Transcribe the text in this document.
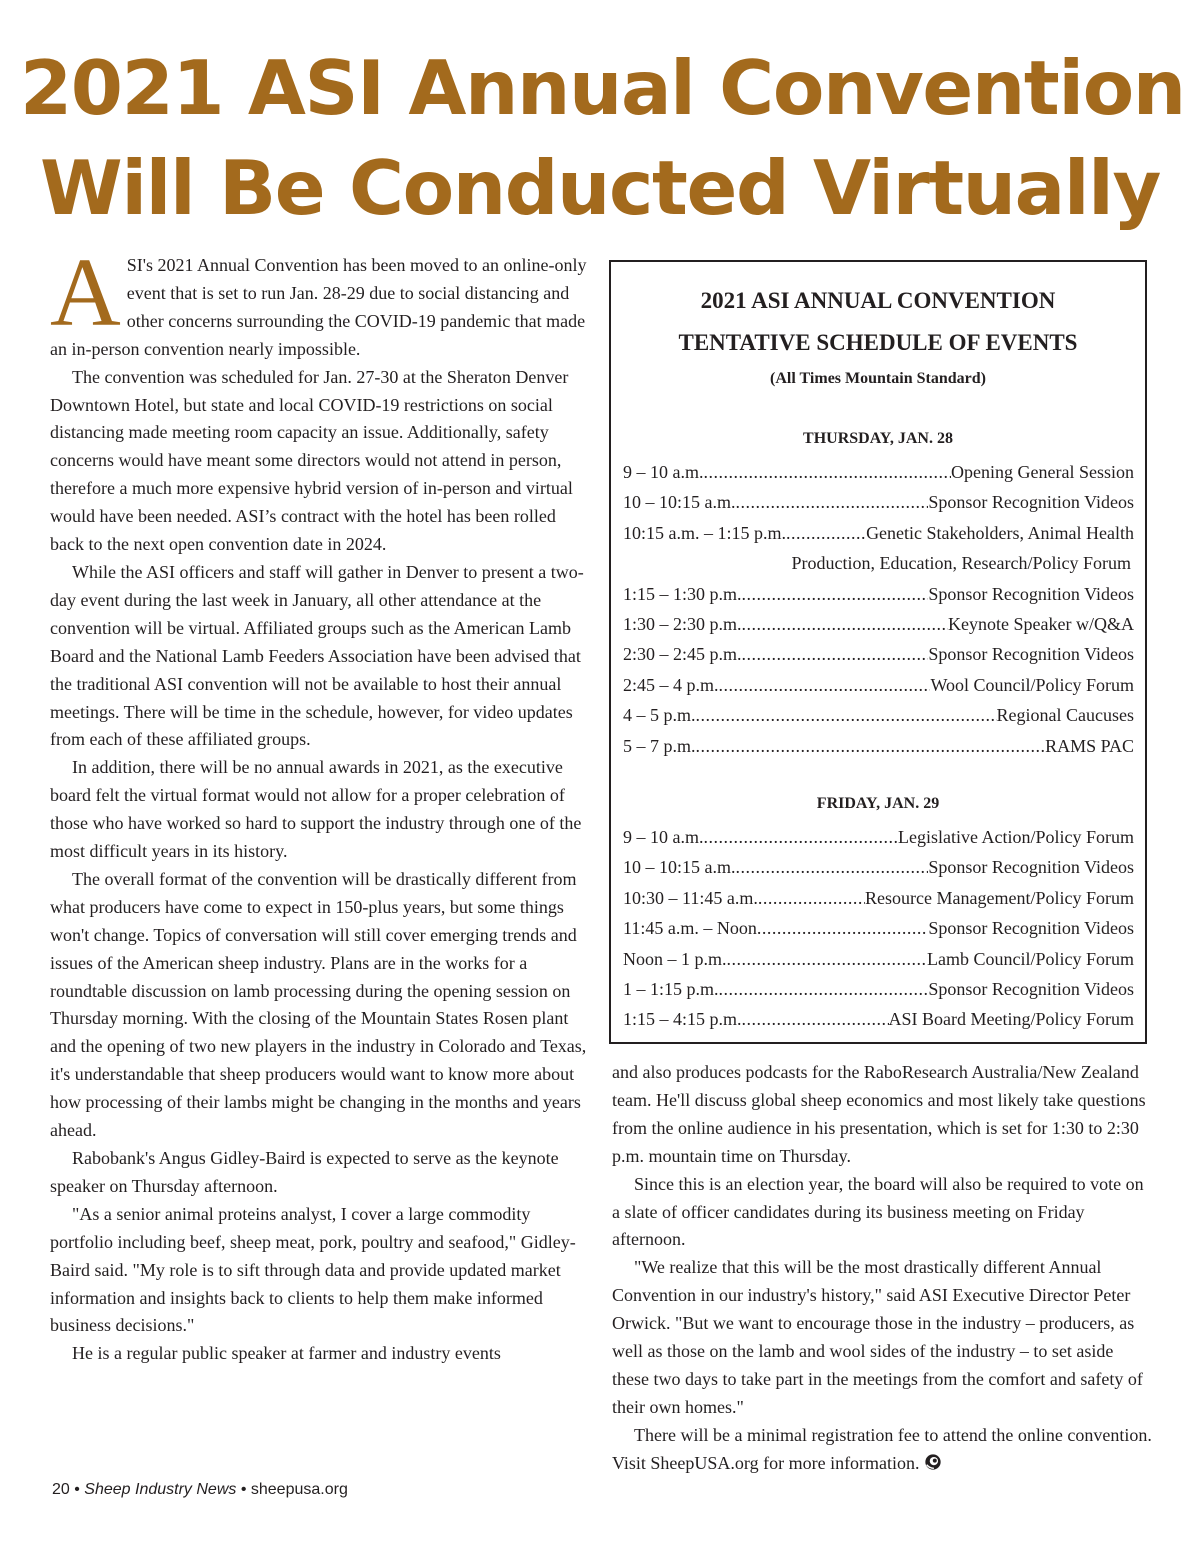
2021 ASI Annual Convention
Will Be Conducted Virtually

ASI's 2021 Annual Convention has been moved to an online-only event that is set to run Jan. 28-29 due to social distancing and other concerns surrounding the COVID-19 pandemic that made an in-person convention nearly impossible.

The convention was scheduled for Jan. 27-30 at the Sheraton Denver Downtown Hotel, but state and local COVID-19 restrictions on social distancing made meeting room capacity an issue. Additionally, safety concerns would have meant some directors would not attend in person, therefore a much more expensive hybrid version of in-person and virtual would have been needed. ASI’s contract with the hotel has been rolled back to the next open convention date in 2024.

While the ASI officers and staff will gather in Denver to present a two-day event during the last week in January, all other attendance at the convention will be virtual. Affiliated groups such as the American Lamb Board and the National Lamb Feeders Association have been advised that the traditional ASI convention will not be available to host their annual meetings. There will be time in the schedule, however, for video updates from each of these affiliated groups.

In addition, there will be no annual awards in 2021, as the executive board felt the virtual format would not allow for a proper celebration of those who have worked so hard to support the industry through one of the most difficult years in its history.

The overall format of the convention will be drastically different from what producers have come to expect in 150-plus years, but some things won't change. Topics of conversation will still cover emerging trends and issues of the American sheep industry. Plans are in the works for a roundtable discussion on lamb processing during the opening session on Thursday morning. With the closing of the Mountain States Rosen plant and the opening of two new players in the industry in Colorado and Texas, it's understandable that sheep producers would want to know more about how processing of their lambs might be changing in the months and years ahead.

Rabobank's Angus Gidley-Baird is expected to serve as the keynote speaker on Thursday afternoon.

"As a senior animal proteins analyst, I cover a large commodity portfolio including beef, sheep meat, pork, poultry and seafood," Gidley-Baird said. "My role is to sift through data and provide updated market information and insights back to clients to help them make informed business decisions."

He is a regular public speaker at farmer and industry events

2021 ASI ANNUAL CONVENTION
TENTATIVE SCHEDULE OF EVENTS
(All Times Mountain Standard)
THURSDAY, JAN. 28
9 – 10 a.m. .....	Opening General Session
10 – 10:15 a.m. .....	Sponsor Recognition Videos
10:15 a.m. – 1:15 p.m. .....	Genetic Stakeholders, Animal Health
Production, Education, Research/Policy Forum
1:15 – 1:30 p.m. .....	Sponsor Recognition Videos
1:30 – 2:30 p.m. .....	Keynote Speaker w/Q&A
2:30 – 2:45 p.m. .....	Sponsor Recognition Videos
2:45 – 4 p.m. .....	Wool Council/Policy Forum
4 – 5 p.m. .....	Regional Caucuses
5 – 7 p.m. .....	RAMS PAC
FRIDAY, JAN. 29
9 – 10 a.m. .....	Legislative Action/Policy Forum
10 – 10:15 a.m. .....	Sponsor Recognition Videos
10:30 – 11:45 a.m. .....	Resource Management/Policy Forum
11:45 a.m. – Noon .....	Sponsor Recognition Videos
Noon – 1 p.m. .....	Lamb Council/Policy Forum
1 – 1:15 p.m. .....	Sponsor Recognition Videos
1:15 – 4:15 p.m. .....	ASI Board Meeting/Policy Forum

and also produces podcasts for the RaboResearch Australia/New Zealand team. He'll discuss global sheep economics and most likely take questions from the online audience in his presentation, which is set for 1:30 to 2:30 p.m. mountain time on Thursday.

Since this is an election year, the board will also be required to vote on a slate of officer candidates during its business meeting on Friday afternoon.

"We realize that this will be the most drastically different Annual Convention in our industry's history," said ASI Executive Director Peter Orwick. "But we want to encourage those in the industry – producers, as well as those on the lamb and wool sides of the industry – to set aside these two days to take part in the meetings from the comfort and safety of their own homes."

There will be a minimal registration fee to attend the online convention. Visit SheepUSA.org for more information.

20 • Sheep Industry News • sheepusa.org
